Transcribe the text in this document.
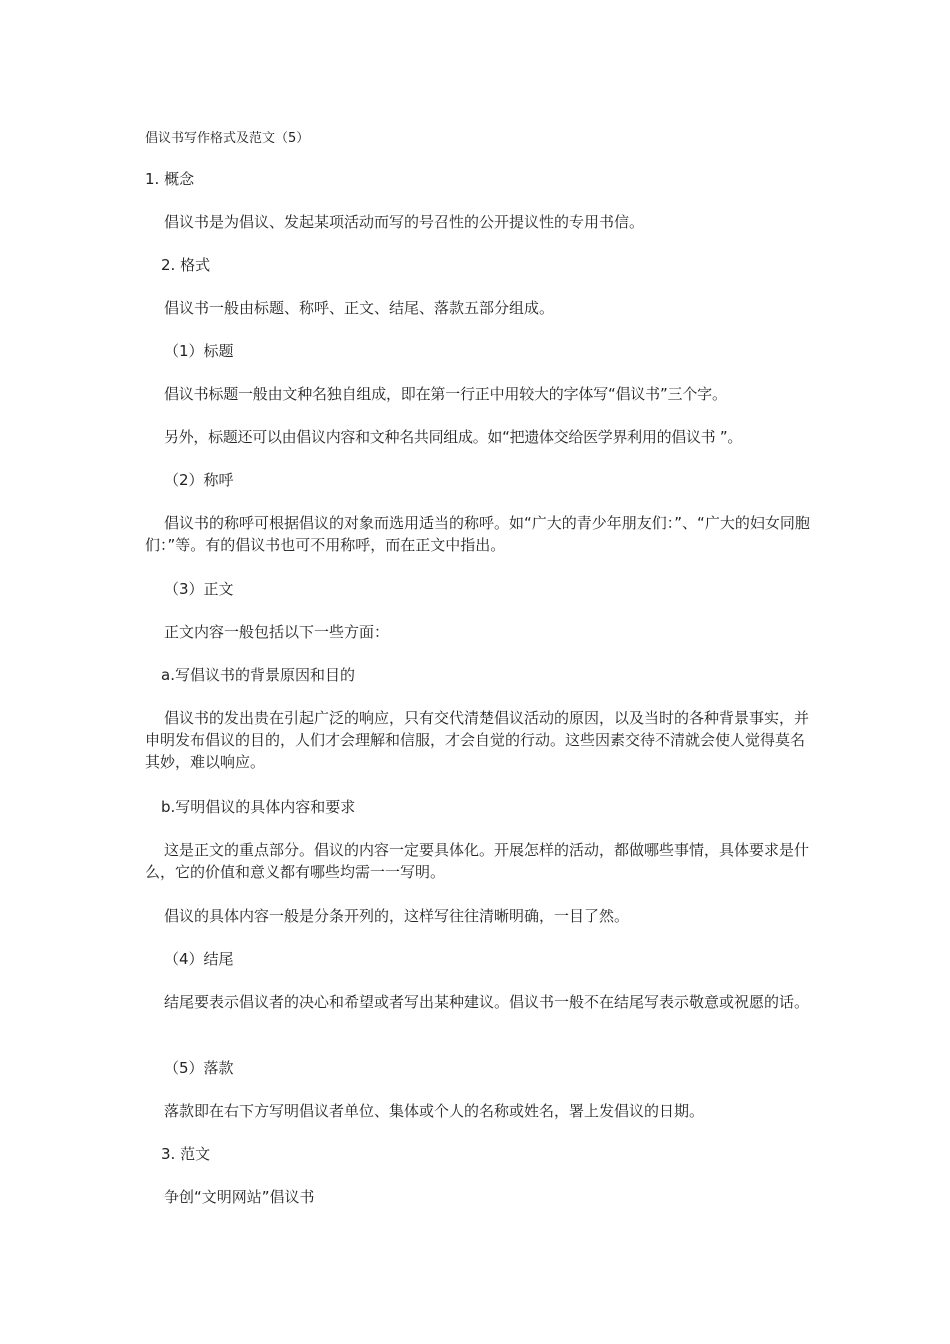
倡议书写作格式及范文（5）
1. 概念
倡议书是为倡议、发起某项活动而写的号召性的公开提议性的专用书信。
2. 格式
倡议书一般由标题、称呼、正文、结尾、落款五部分组成。
（1）标题
倡议书标题一般由文种名独自组成，即在第一行正中用较大的字体写“倡议书”三个字。
另外，标题还可以由倡议内容和文种名共同组成。如“把遗体交给医学界利用的倡议书 ”。
（2）称呼
倡议书的称呼可根据倡议的对象而选用适当的称呼。如“广大的青少年朋友们：”、“广大的妇女同胞们：”等。有的倡议书也可不用称呼，而在正文中指出。
（3）正文
正文内容一般包括以下一些方面：
a.写倡议书的背景原因和目的
倡议书的发出贵在引起广泛的响应，只有交代清楚倡议活动的原因，以及当时的各种背景事实，并申明发布倡议的目的，人们才会理解和信服，才会自觉的行动。这些因素交待不清就会使人觉得莫名其妙，难以响应。
b.写明倡议的具体内容和要求
这是正文的重点部分。倡议的内容一定要具体化。开展怎样的活动，都做哪些事情，具体要求是什么，它的价值和意义都有哪些均需一一写明。
倡议的具体内容一般是分条开列的，这样写往往清晰明确，一目了然。
（4）结尾
结尾要表示倡议者的决心和希望或者写出某种建议。倡议书一般不在结尾写表示敬意或祝愿的话。
（5）落款
落款即在右下方写明倡议者单位、集体或个人的名称或姓名，署上发倡议的日期。
3. 范文
争创“文明网站”倡议书
